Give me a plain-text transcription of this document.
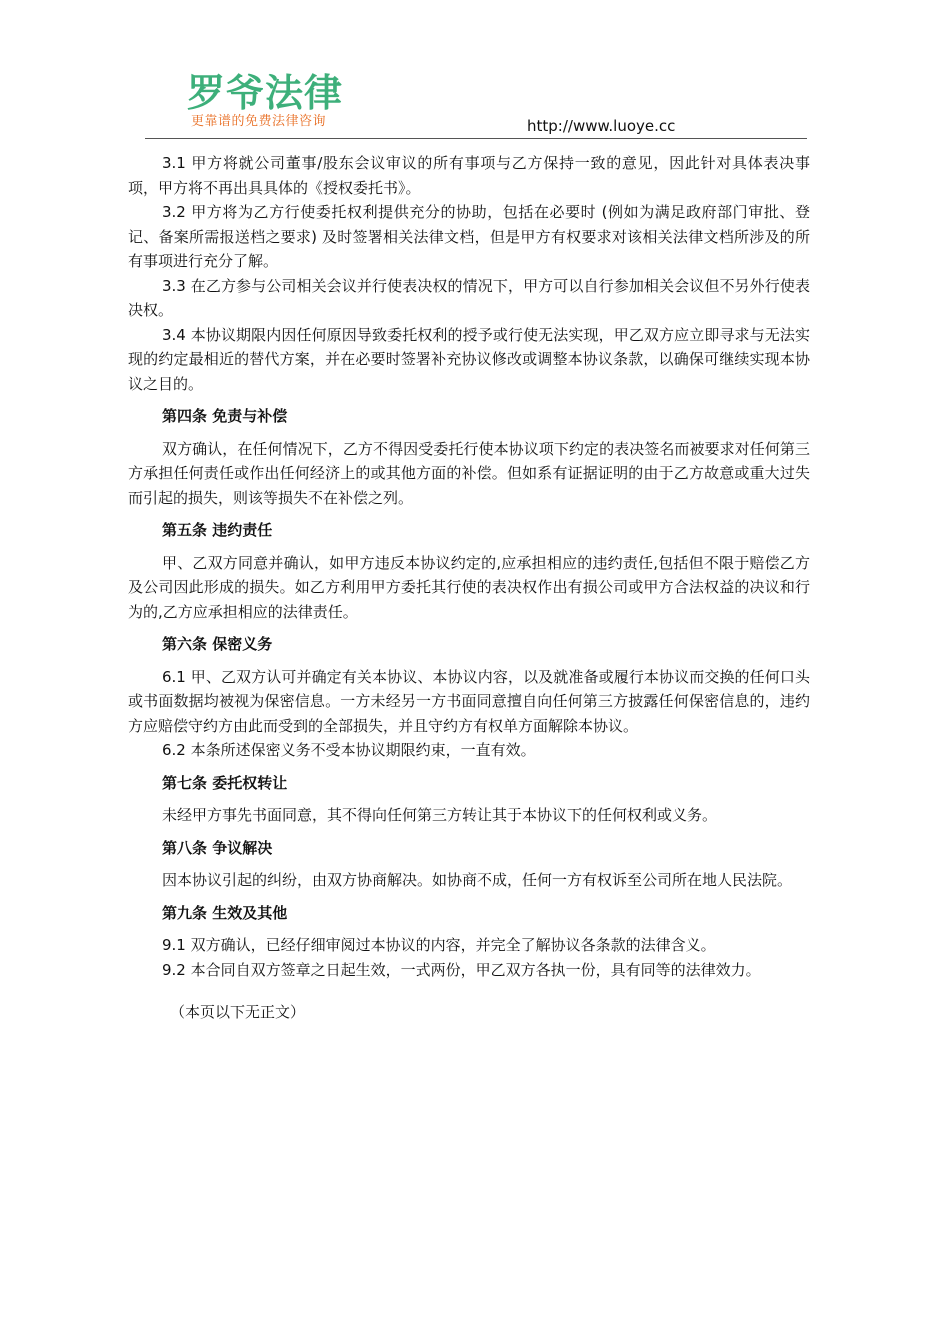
罗爷法律
更靠谱的免费法律咨询	http://www.luoye.cc

3.1 甲方将就公司董事/股东会议审议的所有事项与乙方保持一致的意见，因此针对具体表决事项，甲方将不再出具具体的《授权委托书》。

3.2 甲方将为乙方行使委托权利提供充分的协助，包括在必要时 (例如为满足政府部门审批、登记、备案所需报送档之要求) 及时签署相关法律文档，但是甲方有权要求对该相关法律文档所涉及的所有事项进行充分了解。

3.3 在乙方参与公司相关会议并行使表决权的情况下，甲方可以自行参加相关会议但不另外行使表决权。

3.4 本协议期限内因任何原因导致委托权利的授予或行使无法实现，甲乙双方应立即寻求与无法实现的约定最相近的替代方案，并在必要时签署补充协议修改或调整本协议条款，以确保可继续实现本协议之目的。

第四条 免责与补偿

双方确认，在任何情况下，乙方不得因受委托行使本协议项下约定的表决签名而被要求对任何第三方承担任何责任或作出任何经济上的或其他方面的补偿。但如系有证据证明的由于乙方故意或重大过失而引起的损失，则该等损失不在补偿之列。

第五条 违约责任

甲、乙双方同意并确认，如甲方违反本协议约定的,应承担相应的违约责任,包括但不限于赔偿乙方及公司因此形成的损失。如乙方利用甲方委托其行使的表决权作出有损公司或甲方合法权益的决议和行为的,乙方应承担相应的法律责任。

第六条 保密义务

6.1 甲、乙双方认可并确定有关本协议、本协议内容，以及就准备或履行本协议而交换的任何口头或书面数据均被视为保密信息。一方未经另一方书面同意擅自向任何第三方披露任何保密信息的，违约方应赔偿守约方由此而受到的全部损失，并且守约方有权单方面解除本协议。

6.2 本条所述保密义务不受本协议期限约束，一直有效。

第七条 委托权转让

未经甲方事先书面同意，其不得向任何第三方转让其于本协议下的任何权利或义务。

第八条 争议解决

因本协议引起的纠纷，由双方协商解决。如协商不成，任何一方有权诉至公司所在地人民法院。

第九条 生效及其他

9.1 双方确认，已经仔细审阅过本协议的内容，并完全了解协议各条款的法律含义。

9.2 本合同自双方签章之日起生效，一式两份，甲乙双方各执一份，具有同等的法律效力。

（本页以下无正文）
